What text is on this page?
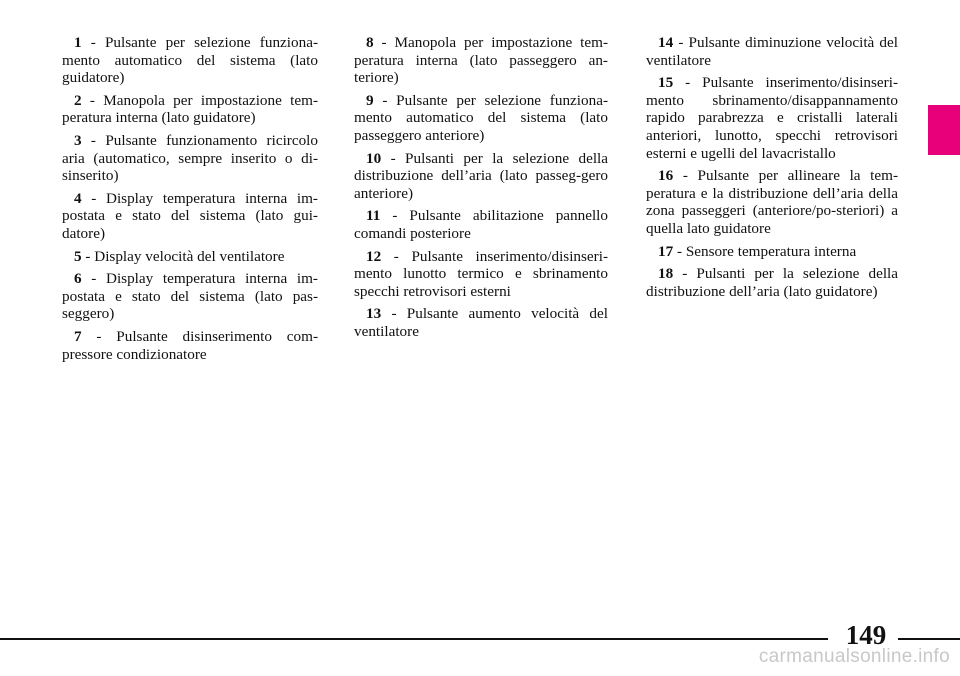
1 - Pulsante per selezione funziona-mento automatico del sistema (lato guidatore)

2 - Manopola per impostazione tem-peratura interna (lato guidatore)

3 - Pulsante funzionamento ricircolo aria (automatico, sempre inserito o di-sinserito)

4 - Display temperatura interna im-postata e stato del sistema (lato gui-datore)

5 - Display velocità del ventilatore

6 - Display temperatura interna im-postata e stato del sistema (lato pas-seggero)

7 - Pulsante disinserimento com-pressore condizionatore

8 - Manopola per impostazione tem-peratura interna (lato passeggero an-teriore)

9 - Pulsante per selezione funziona-mento automatico del sistema (lato passeggero anteriore)

10 - Pulsanti per la selezione della distribuzione dell’aria (lato passeg-gero anteriore)

11 - Pulsante abilitazione pannello comandi posteriore

12 - Pulsante inserimento/disinseri-mento lunotto termico e sbrinamento specchi retrovisori esterni

13 - Pulsante aumento velocità del ventilatore

14 - Pulsante diminuzione velocità del ventilatore

15 - Pulsante inserimento/disinseri-mento sbrinamento/disappannamento rapido parabrezza e cristalli laterali anteriori, lunotto, specchi retrovisori esterni e ugelli del lavacristallo

16 - Pulsante per allineare la tem-peratura e la distribuzione dell’aria della zona passeggeri (anteriore/po-steriori) a quella lato guidatore

17 - Sensore temperatura interna

18 - Pulsanti per la selezione della distribuzione dell’aria (lato guidatore)

149
carmanualsonline.info
